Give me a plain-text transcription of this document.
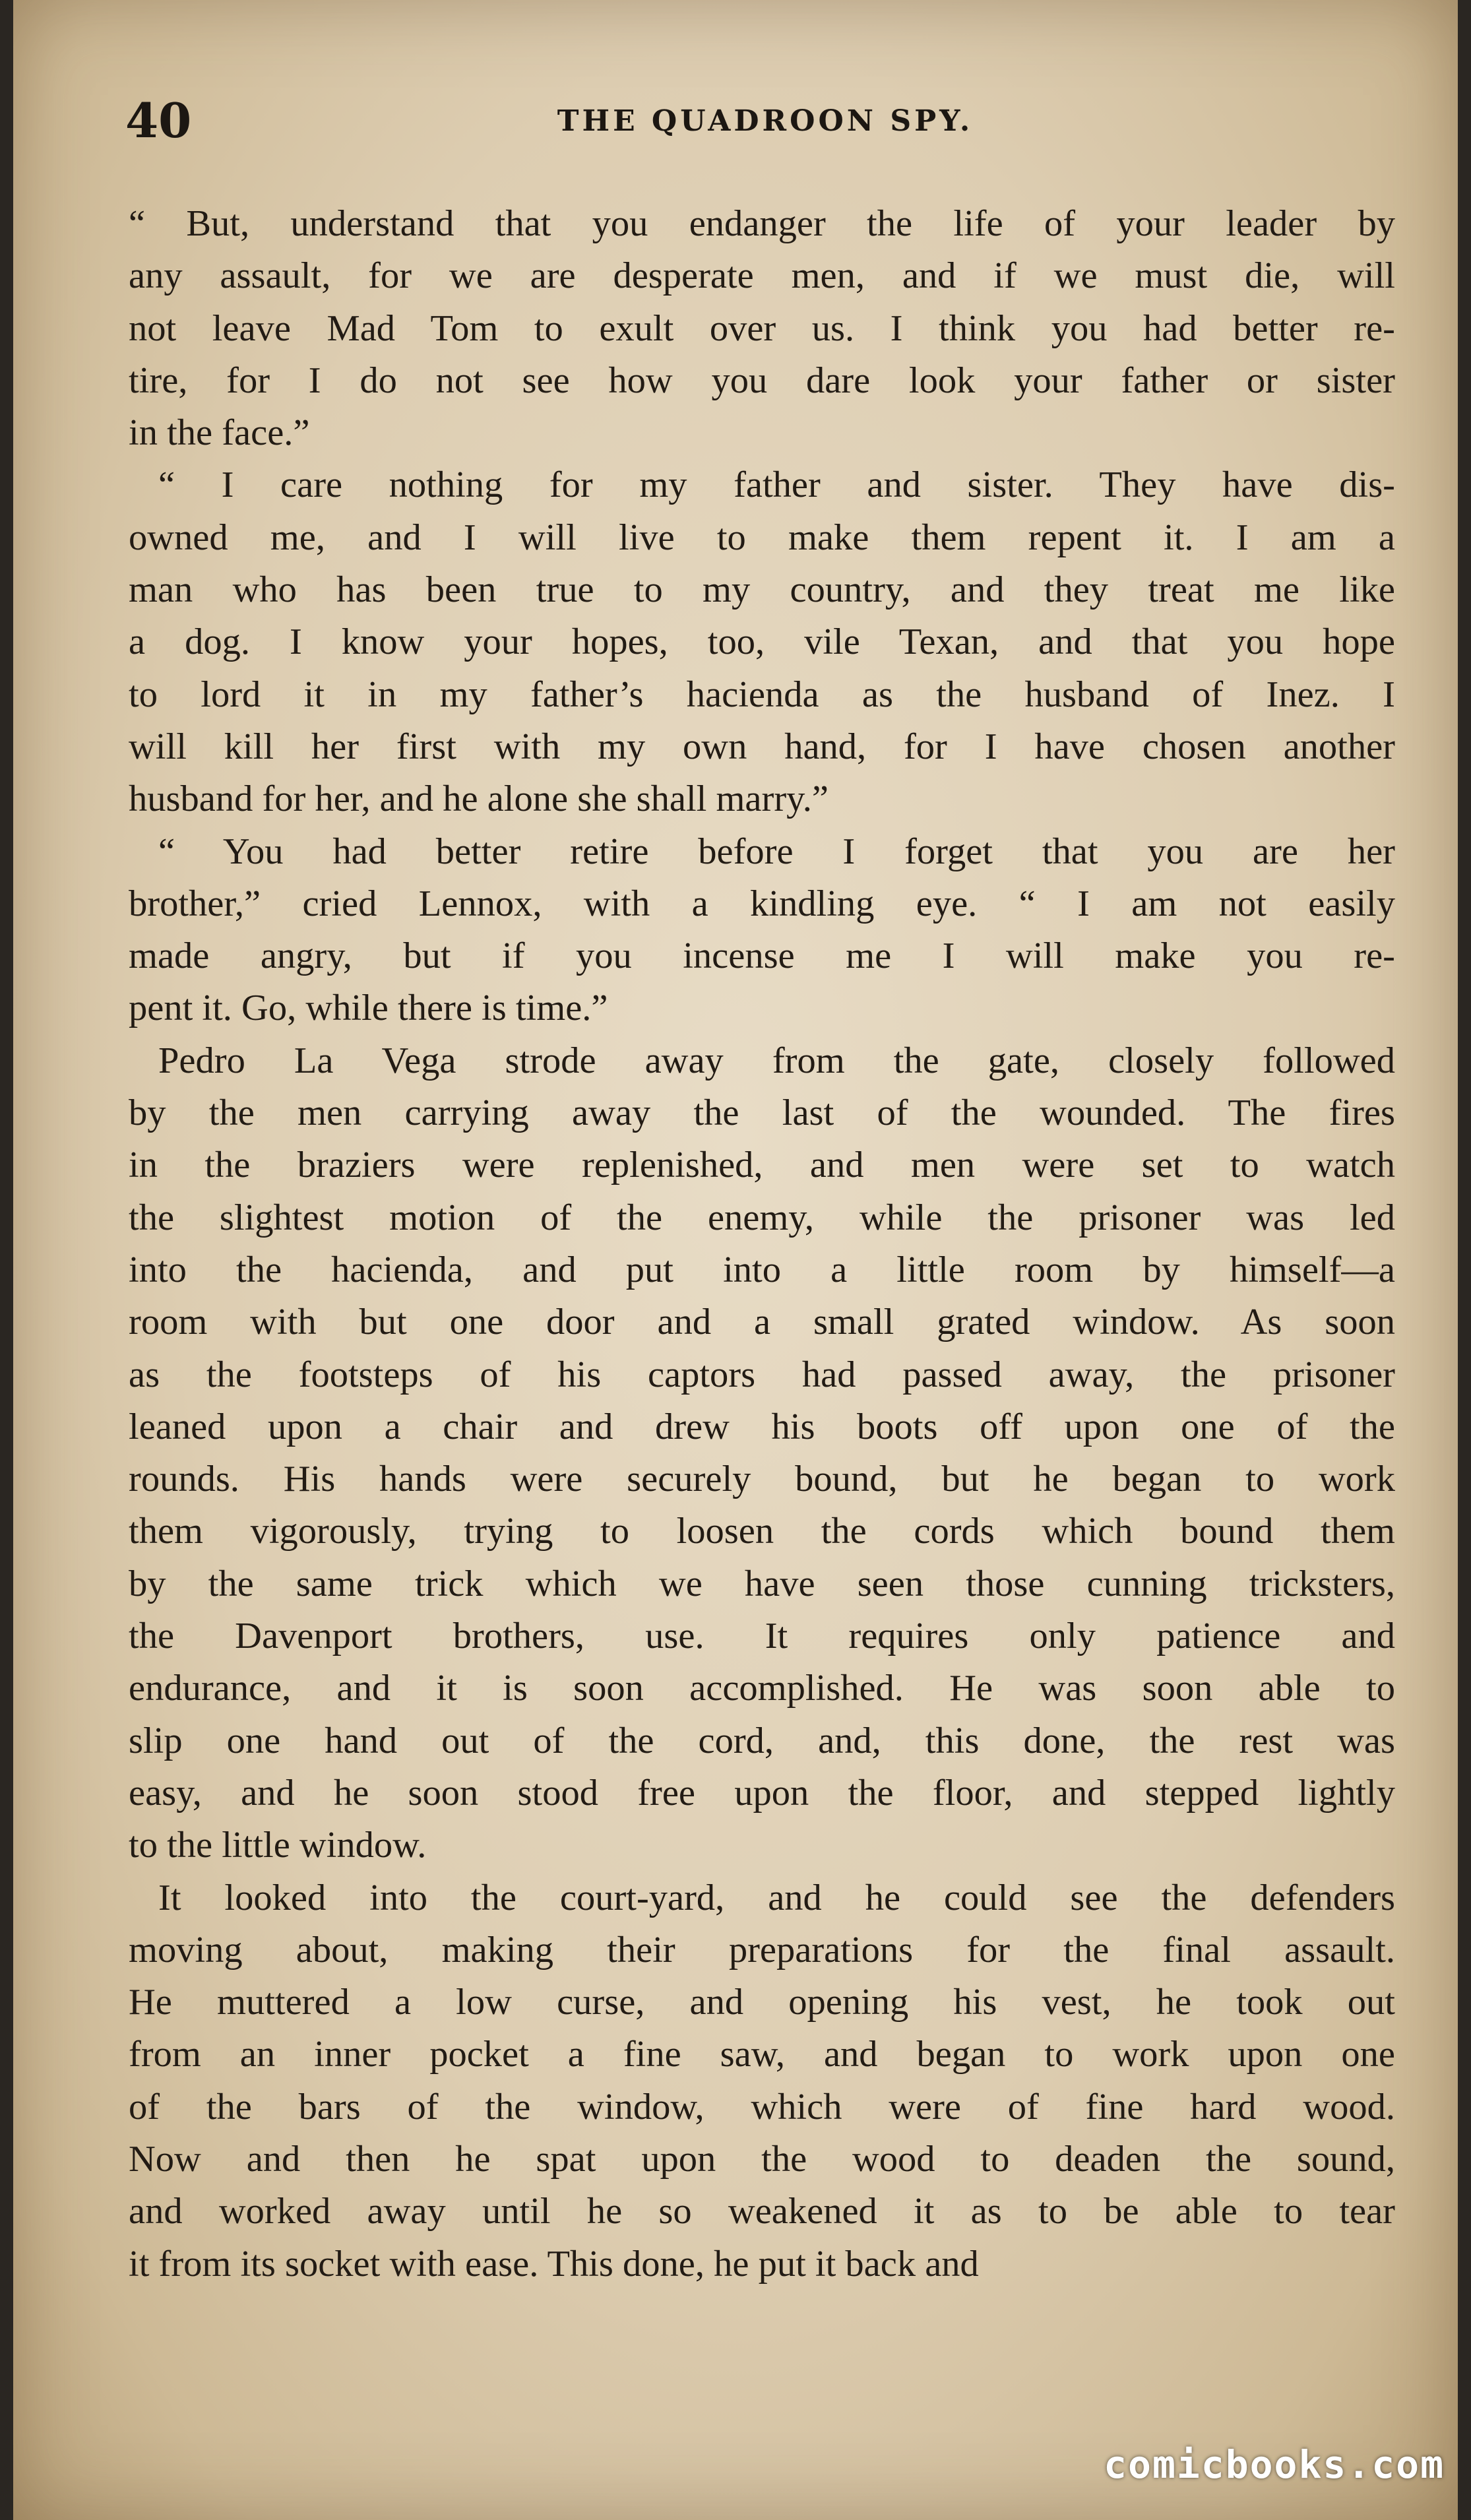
40	THE QUADROON SPY.
“ But, understand that you endanger the life of your leader by
any assault, for we are desperate men, and if we must die, will
not leave Mad Tom to exult over us. I think you had better re-
tire, for I do not see how you dare look your father or sister
in the face.”
“ I care nothing for my father and sister. They have dis-
owned me, and I will live to make them repent it. I am a
man who has been true to my country, and they treat me like
a dog. I know your hopes, too, vile Texan, and that you hope
to lord it in my father’s hacienda as the husband of Inez. I
will kill her first with my own hand, for I have chosen another
husband for her, and he alone she shall marry.”
“ You had better retire before I forget that you are her
brother,” cried Lennox, with a kindling eye. “ I am not easily
made angry, but if you incense me I will make you re-
pent it. Go, while there is time.”
Pedro La Vega strode away from the gate, closely followed
by the men carrying away the last of the wounded. The fires
in the braziers were replenished, and men were set to watch
the slightest motion of the enemy, while the prisoner was led
into the hacienda, and put into a little room by himself—a
room with but one door and a small grated window. As soon
as the footsteps of his captors had passed away, the prisoner
leaned upon a chair and drew his boots off upon one of the
rounds. His hands were securely bound, but he began to work
them vigorously, trying to loosen the cords which bound them
by the same trick which we have seen those cunning tricksters,
the Davenport brothers, use. It requires only patience and
endurance, and it is soon accomplished. He was soon able to
slip one hand out of the cord, and, this done, the rest was
easy, and he soon stood free upon the floor, and stepped lightly
to the little window.
It looked into the court-yard, and he could see the defenders
moving about, making their preparations for the final assault.
He muttered a low curse, and opening his vest, he took out
from an inner pocket a fine saw, and began to work upon one
of the bars of the window, which were of fine hard wood.
Now and then he spat upon the wood to deaden the sound,
and worked away until he so weakened it as to be able to tear
it from its socket with ease. This done, he put it back and
comicbooks.com
